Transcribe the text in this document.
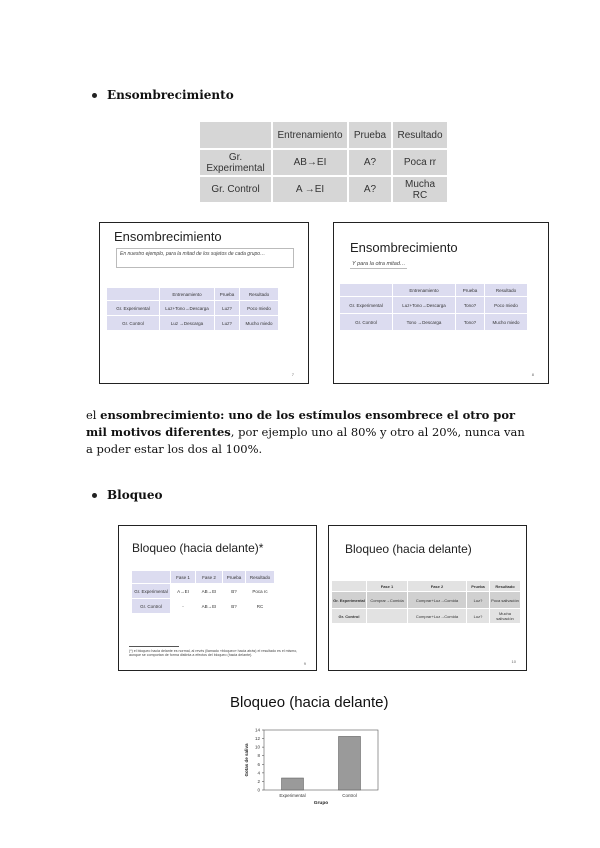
Ensombrecimiento
	Entrenamiento	Prueba	Resultado
Gr. Experimental	AB→EI	A?	Poca rr
Gr. Control	A →EI	A?	Mucha RC
Ensombrecimiento
En nuestro ejemplo, para la mitad de los sujetos de cada grupo…
	Entrenamiento	Prueba	Resultado
Gr. Experimental	Luz+Tono→Descarga	Luz?	Poco miedo
Gr. Control	Luz →Descarga	Luz?	Mucho miedo
7
Ensombrecimiento
Y para la otra mitad…
	Entrenamiento	Prueba	Resultado
Gr. Experimental	Luz+Tono→Descarga	Tono?	Poco miedo
Gr. Control	Tono →Descarga	Tono?	Mucho miedo
8
el ensombrecimiento: uno de los estímulos ensombrece el otro por mil motivos diferentes, por ejemplo uno al 80% y otro al 20%, nunca van a poder estar los dos al 100%.
Bloqueo
Bloqueo (hacia delante)*
	Fase 1	Fase 2	Prueba	Resultado
Gr. Experimental	A→EI	AB→EI	B?	Poca rc
Gr. Control	-	AB→EI	B?	RC
(*) el bloqueo hacia delante es normal, al revés (llamado «bloqueo» hacia atrás) el resultado es el mismo, aunque se comportan de forma distinta a efectos del bloqueo (hacia delante).
9
Bloqueo (hacia delante)
	Fase 1	Fase 2	Prueba	Resultado
Gr. Experimental	Comprar→Comida	Comprar+Luz→Comida	Luz?	Poca salivación
Gr. Control		Comprar+Luz→Comida	Luz?	Mucha salivación
10
Bloqueo (hacia delante)
0
2
4
6
8
10
12
14
Experimental	Control
Grupo
Gotas de saliva
